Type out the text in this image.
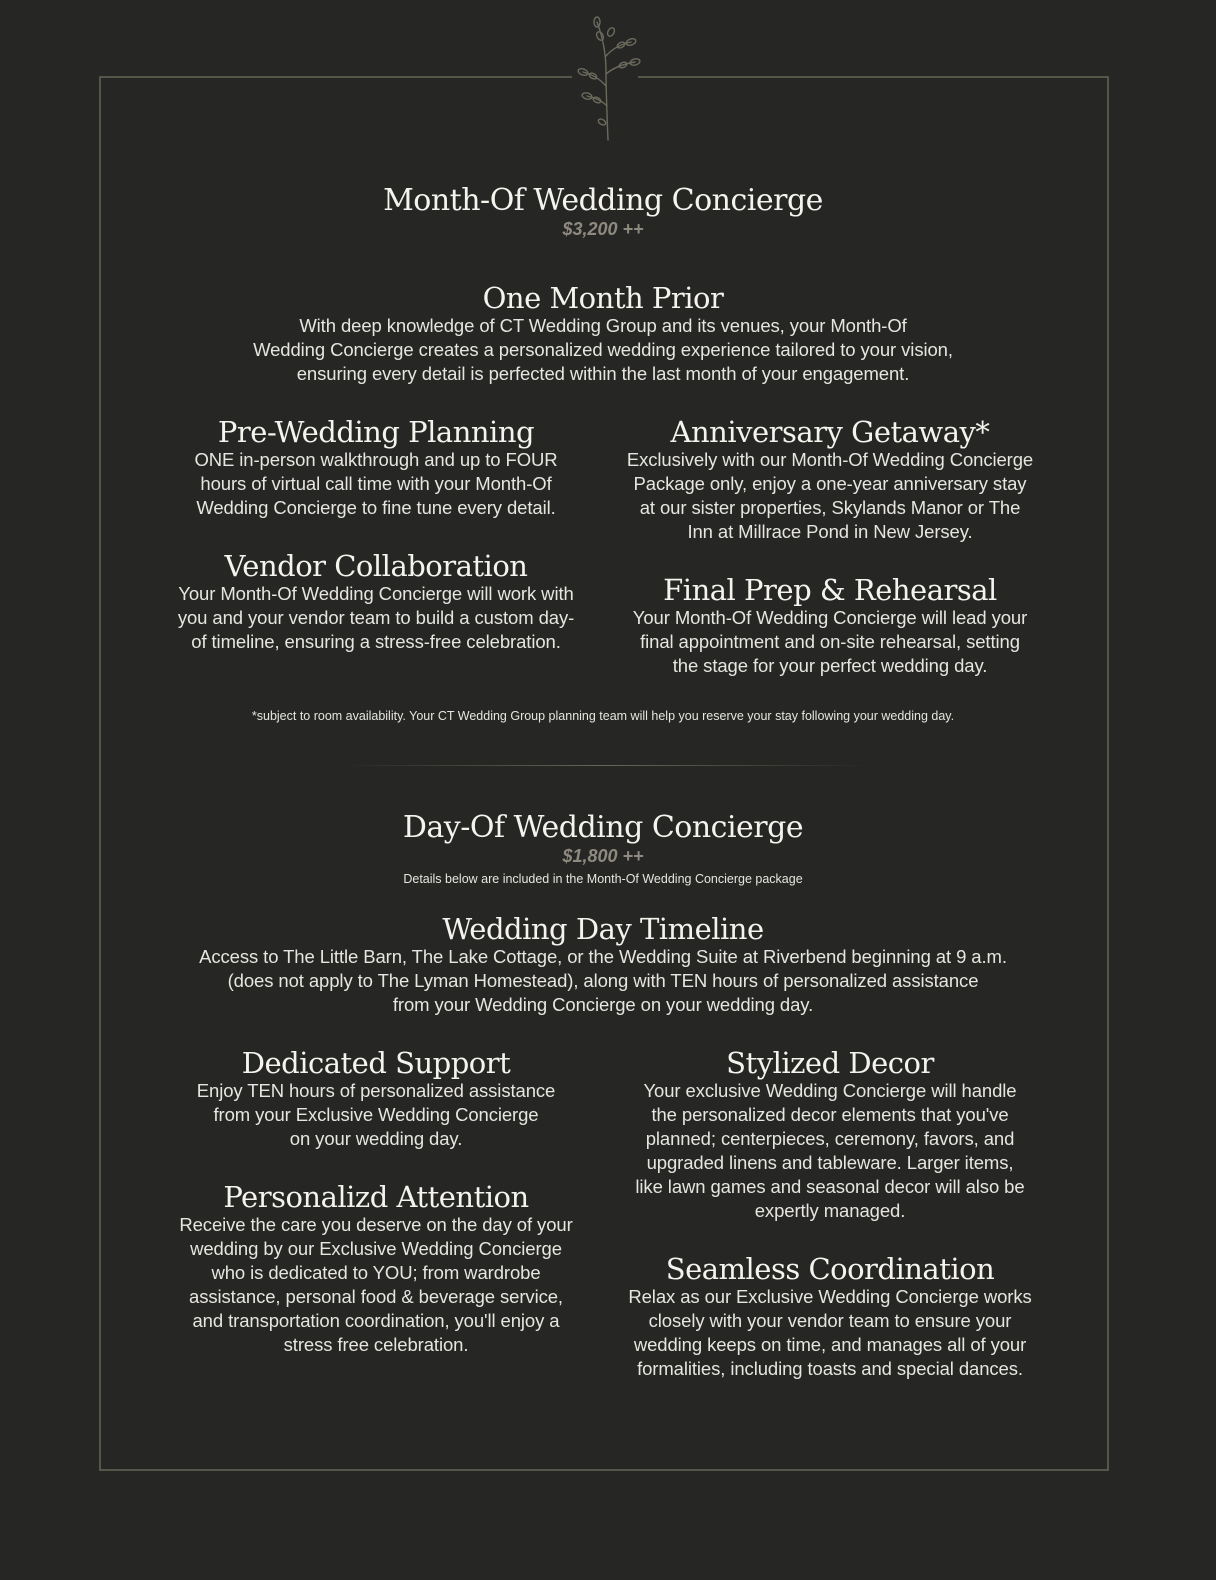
Month-Of Wedding Concierge
$3,200 ++
One Month Prior

With deep knowledge of CT Wedding Group and its venues, your Month-Of
Wedding Concierge creates a personalized wedding experience tailored to your vision,
ensuring every detail is perfected within the last month of your engagement.

Pre-Wedding Planning

ONE in-person walkthrough and up to FOUR
hours of virtual call time with your Month-Of
Wedding Concierge to fine tune every detail.

Anniversary Getaway*

Exclusively with our Month-Of Wedding Concierge
Package only, enjoy a one-year anniversary stay
at our sister properties, Skylands Manor or The
Inn at Millrace Pond in New Jersey.

Vendor Collaboration

Your Month-Of Wedding Concierge will work with
you and your vendor team to build a custom day-
of timeline, ensuring a stress-free celebration.

Final Prep & Rehearsal

Your Month-Of Wedding Concierge will lead your
final appointment and on-site rehearsal, setting
the stage for your perfect wedding day.

*subject to room availability. Your CT Wedding Group planning team will help you reserve your stay following your wedding day.
Day-Of Wedding Concierge
$1,800 ++
Details below are included in the Month-Of Wedding Concierge package
Wedding Day Timeline

Access to The Little Barn, The Lake Cottage, or the Wedding Suite at Riverbend beginning at 9 a.m.
(does not apply to The Lyman Homestead), along with TEN hours of personalized assistance
from your Wedding Concierge on your wedding day.

Dedicated Support

Enjoy TEN hours of personalized assistance
from your Exclusive Wedding Concierge
on your wedding day.

Stylized Decor

Your exclusive Wedding Concierge will handle
the personalized decor elements that you've
planned; centerpieces, ceremony, favors, and
upgraded linens and tableware. Larger items,
like lawn games and seasonal decor will also be
expertly managed.

Personalizd Attention

Receive the care you deserve on the day of your
wedding by our Exclusive Wedding Concierge
who is dedicated to YOU; from wardrobe
assistance, personal food & beverage service,
and transportation coordination, you'll enjoy a
stress free celebration.

Seamless Coordination

Relax as our Exclusive Wedding Concierge works
closely with your vendor team to ensure your
wedding keeps on time, and manages all of your
formalities, including toasts and special dances.
